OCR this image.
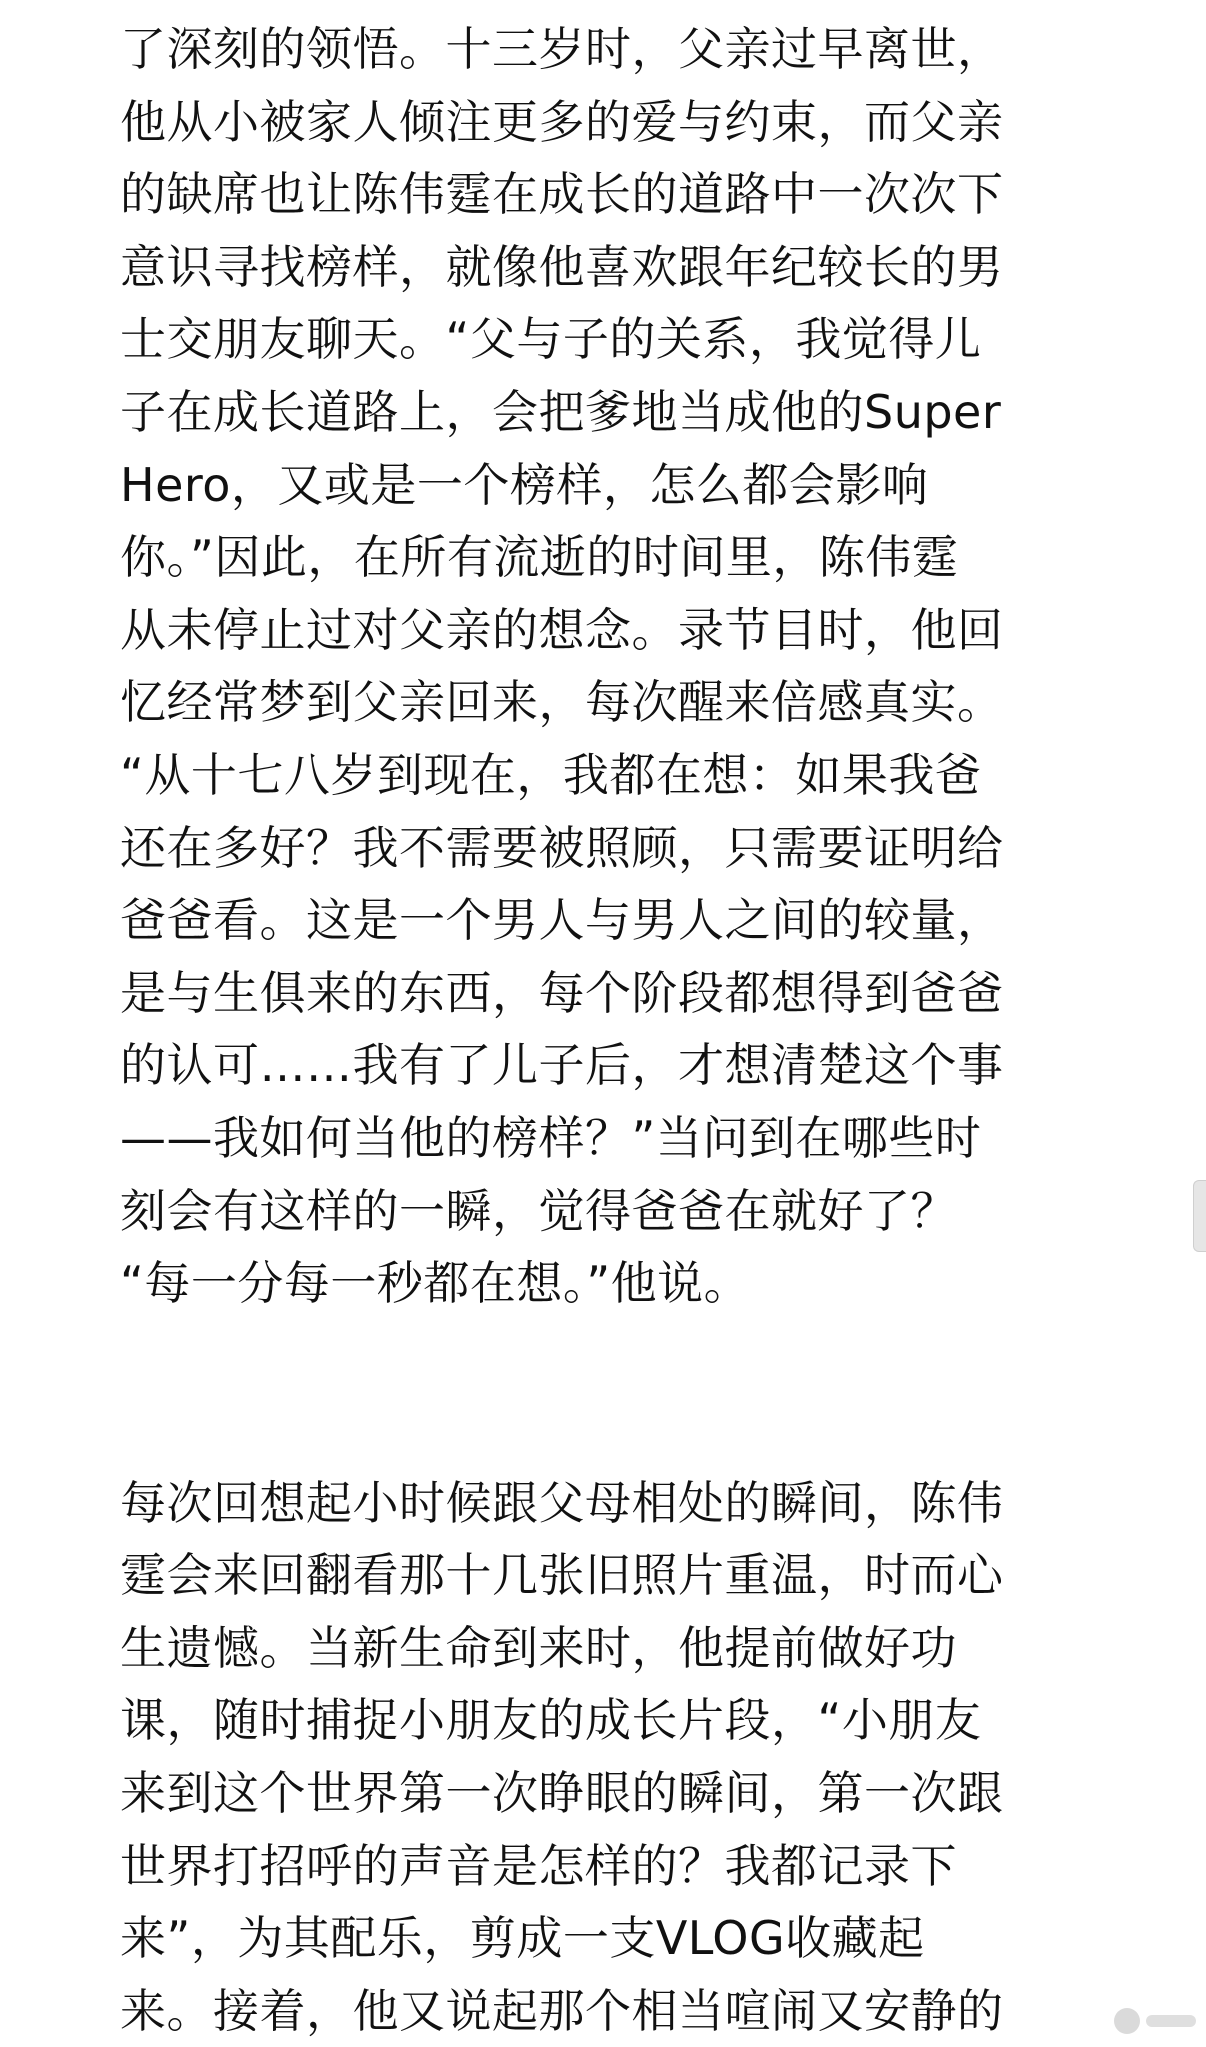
了深刻的领悟。十三岁时，父亲过早离世，
他从小被家人倾注更多的爱与约束，而父亲
的缺席也让陈伟霆在成长的道路中一次次下
意识寻找榜样，就像他喜欢跟年纪较长的男
士交朋友聊天。“父与子的关系，我觉得儿
子在成长道路上，会把爹地当成他的Super
Hero，又或是一个榜样，怎么都会影响
你。”因此，在所有流逝的时间里，陈伟霆
从未停止过对父亲的想念。录节目时，他回
忆经常梦到父亲回来，每次醒来倍感真实。
“从十七八岁到现在，我都在想：如果我爸
还在多好？我不需要被照顾，只需要证明给
爸爸看。这是一个男人与男人之间的较量，
是与生俱来的东西，每个阶段都想得到爸爸
的认可……我有了儿子后，才想清楚这个事
——我如何当他的榜样？”当问到在哪些时
刻会有这样的一瞬，觉得爸爸在就好了？
“每一分每一秒都在想。”他说。
每次回想起小时候跟父母相处的瞬间，陈伟
霆会来回翻看那十几张旧照片重温，时而心
生遗憾。当新生命到来时，他提前做好功
课，随时捕捉小朋友的成长片段，“小朋友
来到这个世界第一次睁眼的瞬间，第一次跟
世界打招呼的声音是怎样的？我都记录下
来”，为其配乐，剪成一支VLOG收藏起
来。接着，他又说起那个相当喧闹又安静的
